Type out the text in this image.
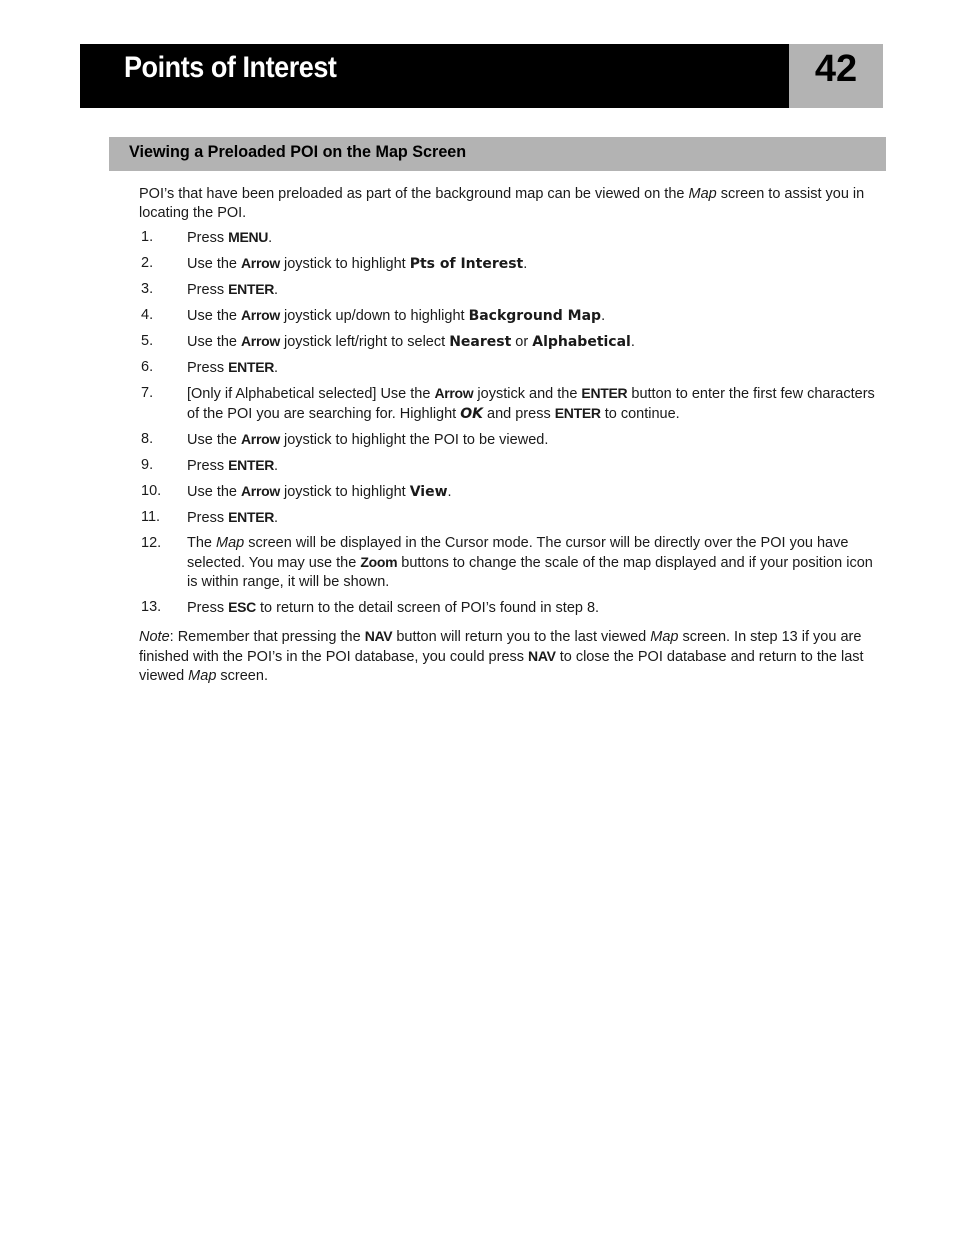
Points of Interest	42
Viewing a Preloaded POI on the Map Screen

POI’s that have been preloaded as part of the background map can be viewed on the Map screen to assist you in locating the POI.

1. Press MENU.
2. Use the Arrow joystick to highlight Pts of Interest.
3. Press ENTER.
4. Use the Arrow joystick up/down to highlight Background Map.
5. Use the Arrow joystick left/right to select Nearest or Alphabetical.
6. Press ENTER.
7. [Only if Alphabetical selected] Use the Arrow joystick and the ENTER button to enter the first few characters of the POI you are searching for. Highlight OK and press ENTER to continue.
8. Use the Arrow joystick to highlight the POI to be viewed.
9. Press ENTER.
10. Use the Arrow joystick to highlight View.
11. Press ENTER.
12. The Map screen will be displayed in the Cursor mode. The cursor will be directly over the POI you have selected. You may use the Zoom buttons to change the scale of the map displayed and if your position icon is within range, it will be shown.
13. Press ESC to return to the detail screen of POI’s found in step 8.

Note: Remember that pressing the NAV button will return you to the last viewed Map screen. In step 13 if you are finished with the POI’s in the POI database, you could press NAV to close the POI database and return to the last viewed Map screen.
